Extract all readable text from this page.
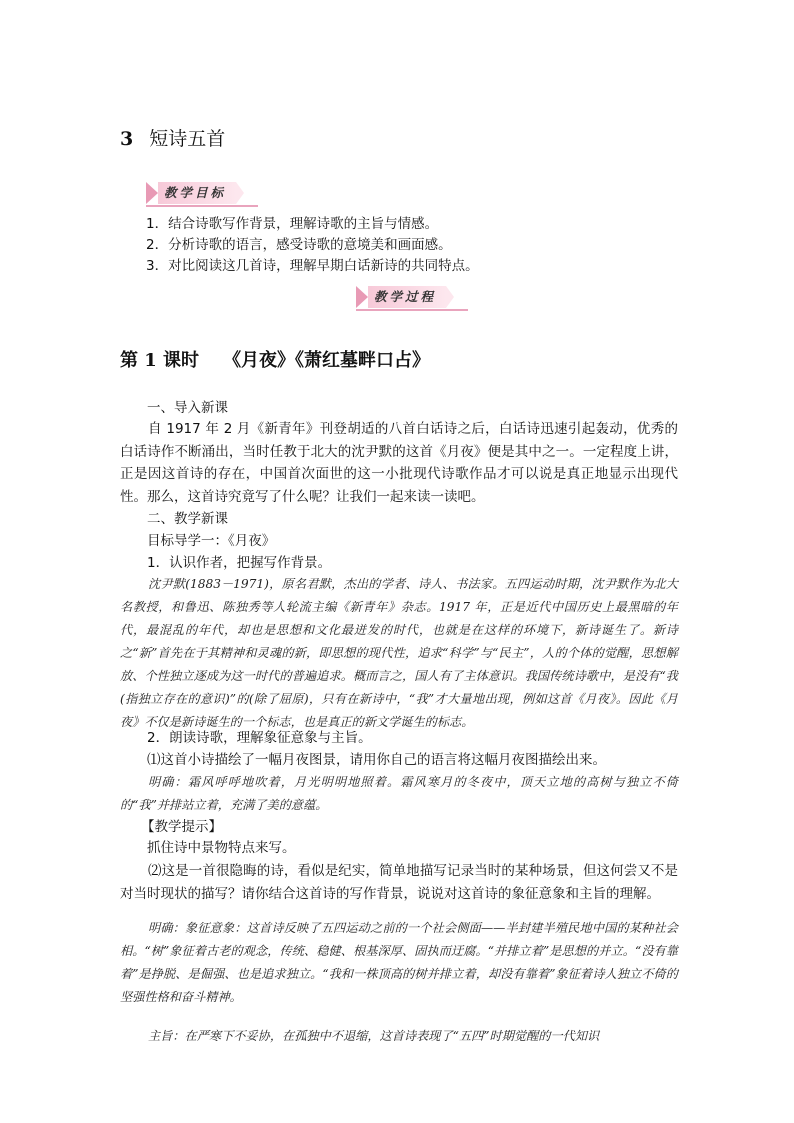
3 短诗五首
教学目标
1．结合诗歌写作背景，理解诗歌的主旨与情感。
2．分析诗歌的语言，感受诗歌的意境美和画面感。
3．对比阅读这几首诗，理解早期白话新诗的共同特点。
教学过程
第 1 课时 《月夜》《萧红墓畔口占》
一、导入新课
自 1917 年 2 月《新青年》刊登胡适的八首白话诗之后，白话诗迅速引起轰动，优秀的白话诗作不断涌出，当时任教于北大的沈尹默的这首《月夜》便是其中之一。一定程度上讲，正是因这首诗的存在，中国首次面世的这一小批现代诗歌作品才可以说是真正地显示出现代性。那么，这首诗究竟写了什么呢？让我们一起来读一读吧。
二、教学新课
目标导学一：《月夜》
1．认识作者，把握写作背景。
沈尹默(1883－1971)，原名君默，杰出的学者、诗人、书法家。五四运动时期，沈尹默作为北大名教授，和鲁迅、陈独秀等人轮流主编《新青年》杂志。1917 年，正是近代中国历史上最黑暗的年代，最混乱的年代，却也是思想和文化最迸发的时代，也就是在这样的环境下，新诗诞生了。新诗之“新”首先在于其精神和灵魂的新，即思想的现代性，追求“科学”与“民主”，人的个体的觉醒，思想解放、个性独立逐成为这一时代的普遍追求。概而言之，国人有了主体意识。我国传统诗歌中，是没有“我(指独立存在的意识)”的(除了屈原)，只有在新诗中，“我”才大量地出现，例如这首《月夜》。因此《月夜》不仅是新诗诞生的一个标志，也是真正的新文学诞生的标志。
2．朗读诗歌，理解象征意象与主旨。
⑴这首小诗描绘了一幅月夜图景，请用你自己的语言将这幅月夜图描绘出来。
明确：霜风呼呼地吹着，月光明明地照着。霜风寒月的冬夜中，顶天立地的高树与独立不倚的“我”并排站立着，充满了美的意蕴。
【教学提示】
抓住诗中景物特点来写。
⑵这是一首很隐晦的诗，看似是纪实，简单地描写记录当时的某种场景，但这何尝又不是对当时现状的描写？请你结合这首诗的写作背景，说说对这首诗的象征意象和主旨的理解。
明确：象征意象：这首诗反映了五四运动之前的一个社会侧面——半封建半殖民地中国的某种社会相。“树”象征着古老的观念，传统、稳健、根基深厚、固执而迂腐。“并排立着”是思想的并立。“没有靠着”是挣脱、是倔强、也是追求独立。“我和一株顶高的树并排立着，却没有靠着”象征着诗人独立不倚的坚强性格和奋斗精神。
主旨：在严寒下不妥协，在孤独中不退缩，这首诗表现了“五四”时期觉醒的一代知识
